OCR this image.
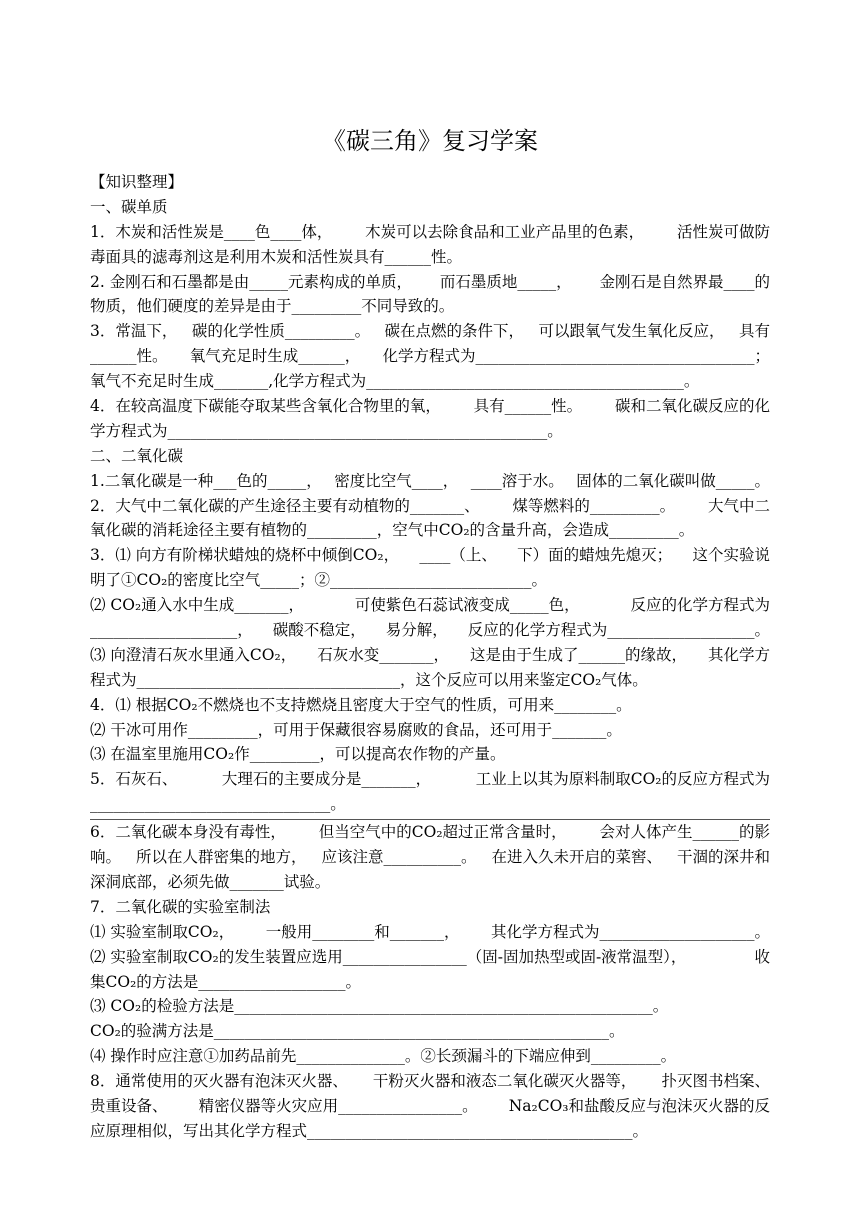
《碳三角》复习学案
【知识整理】
一、碳单质
1．木炭和活性炭是____色____体， 木炭可以去除食品和工业产品里的色素， 活性炭可做防
毒面具的滤毒剂这是利用木炭和活性炭具有______性。
2. 金刚石和石墨都是由_____元素构成的单质， 而石墨质地_____， 金刚石是自然界最____的
物质，他们硬度的差异是由于_________不同导致的。
3．常温下， 碳的化学性质_________。 碳在点燃的条件下， 可以跟氧气发生氧化反应， 具有
______性。 氧气充足时生成______， 化学方程式为____________________________________；
氧气不充足时生成_______,化学方程式为_________________________________________。
4．在较高温度下碳能夺取某些含氧化合物里的氧， 具有______性。 碳和二氧化碳反应的化
学方程式为_________________________________________________。
二、二氧化碳
1.二氧化碳是一种___色的_____， 密度比空气____， ____溶于水。 固体的二氧化碳叫做_____。
2．大气中二氧化碳的产生途径主要有动植物的_______、 煤等燃料的_________。 大气中二
氧化碳的消耗途径主要有植物的_________，空气中CO₂的含量升高，会造成_________。
3．⑴ 向方有阶梯状蜡烛的烧杯中倾倒CO₂， ____（上、 下）面的蜡烛先熄灭； 这个实验说
明了①CO₂的密度比空气_____；②__________________________。
⑵ CO₂通入水中生成_______，	可使紫色石蕊试液变成_____色，	反应的化学方程式为
___________________， 碳酸不稳定， 易分解， 反应的化学方程式为___________________。
⑶ 向澄清石灰水里通入CO₂， 石灰水变_______， 这是由于生成了______的缘故， 其化学方
程式为__________________________________，这个反应可以用来鉴定CO₂气体。
4．⑴ 根据CO₂不燃烧也不支持燃烧且密度大于空气的性质，可用来________。
⑵ 干冰可用作_________，可用于保藏很容易腐败的食品，还可用于_______。
⑶ 在温室里施用CO₂作_________，可以提高农作物的产量。
5．石灰石、	大理石的主要成分是_______，	工业上以其为原料制取CO₂的反应方程式为
_______________________________。
6．二氧化碳本身没有毒性， 但当空气中的CO₂超过正常含量时， 会对人体产生______的影
响。 所以在人群密集的地方， 应该注意__________。 在进入久未开启的菜窖、 干涸的深井和
深洞底部，必须先做_______试验。
7．二氧化碳的实验室制法
⑴ 实验室制取CO₂， 一般用________和_______， 其化学方程式为____________________。
⑵ 实验室制取CO₂的发生装置应选用________________（固-固加热型或固-液常温型），	收
集CO₂的方法是___________________。
⑶ CO₂的检验方法是______________________________________________________。
CO₂的验满方法是___________________________________________________。
⑷ 操作时应注意①加药品前先______________。②长颈漏斗的下端应伸到_________。
8．通常使用的灭火器有泡沫灭火器、 干粉灭火器和液态二氧化碳灭火器等， 扑灭图书档案、
贵重设备、 精密仪器等火灾应用________________。 Na₂CO₃和盐酸反应与泡沫灭火器的反
应原理相似，写出其化学方程式__________________________________________。
